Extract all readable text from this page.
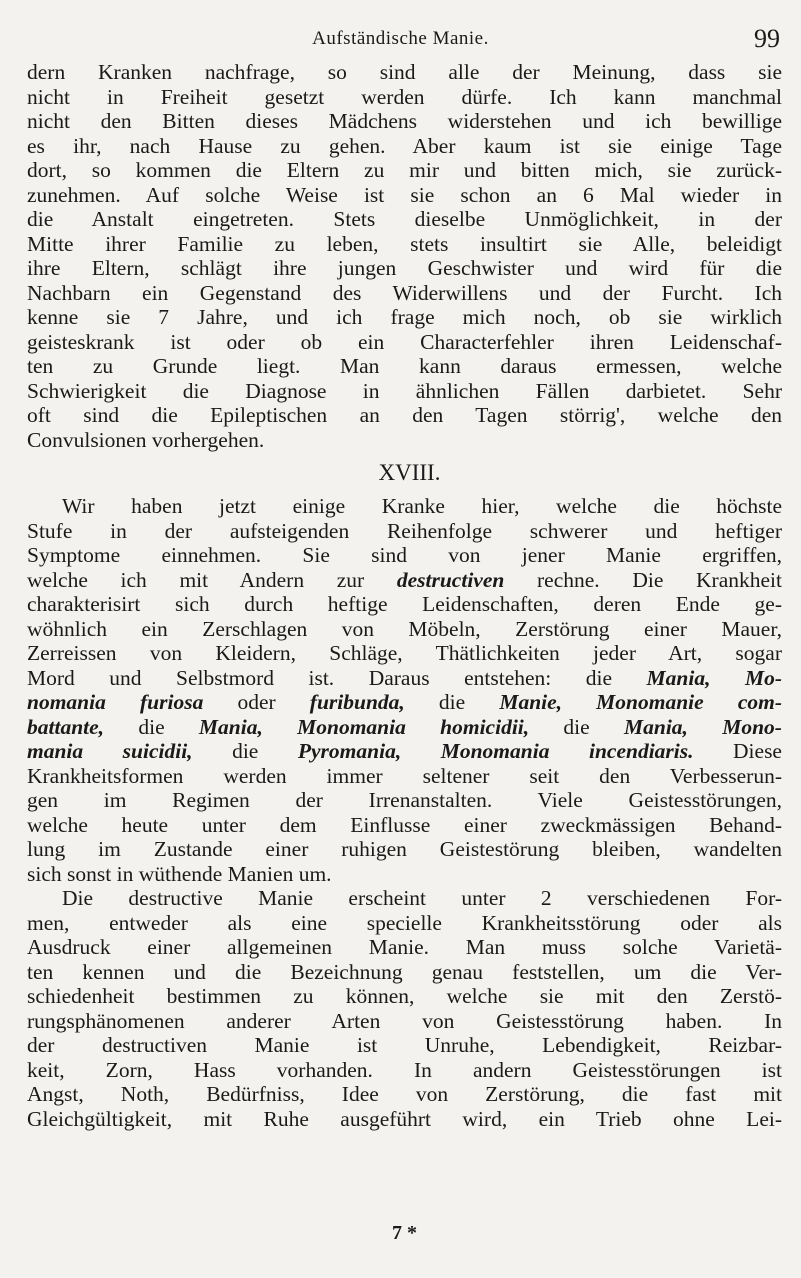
Aufständische Manie.	99
dern Kranken nachfrage, so sind alle der Meinung, dass sie
nicht in Freiheit gesetzt werden dürfe. Ich kann manchmal
nicht den Bitten dieses Mädchens widerstehen und ich bewillige
es ihr, nach Hause zu gehen. Aber kaum ist sie einige Tage
dort, so kommen die Eltern zu mir und bitten mich, sie zurück-
zunehmen. Auf solche Weise ist sie schon an 6 Mal wieder in
die Anstalt eingetreten. Stets dieselbe Unmöglichkeit, in der
Mitte ihrer Familie zu leben, stets insultirt sie Alle, beleidigt
ihre Eltern, schlägt ihre jungen Geschwister und wird für die
Nachbarn ein Gegenstand des Widerwillens und der Furcht. Ich
kenne sie 7 Jahre, und ich frage mich noch, ob sie wirklich
geisteskrank ist oder ob ein Characterfehler ihren Leidenschaf-
ten zu Grunde liegt. Man kann daraus ermessen, welche
Schwierigkeit die Diagnose in ähnlichen Fällen darbietet. Sehr
oft sind die Epileptischen an den Tagen störrig', welche den
Convulsionen vorhergehen.
XVIII.
Wir haben jetzt einige Kranke hier, welche die höchste
Stufe in der aufsteigenden Reihenfolge schwerer und heftiger
Symptome einnehmen. Sie sind von jener Manie ergriffen,
welche ich mit Andern zur destructiven rechne. Die Krankheit
charakterisirt sich durch heftige Leidenschaften, deren Ende ge-
wöhnlich ein Zerschlagen von Möbeln, Zerstörung einer Mauer,
Zerreissen von Kleidern, Schläge, Thätlichkeiten jeder Art, sogar
Mord und Selbstmord ist. Daraus entstehen: die Mania, Mo-
nomania furiosa oder furibunda, die Manie, Monomanie com-
battante, die Mania, Monomania homicidii, die Mania, Mono-
mania suicidii, die Pyromania, Monomania incendiaris. Diese
Krankheitsformen werden immer seltener seit den Verbesserun-
gen im Regimen der Irrenanstalten. Viele Geistesstörungen,
welche heute unter dem Einflusse einer zweckmässigen Behand-
lung im Zustande einer ruhigen Geistestörung bleiben, wandelten
sich sonst in wüthende Manien um.
Die destructive Manie erscheint unter 2 verschiedenen For-
men, entweder als eine specielle Krankheitsstörung oder als
Ausdruck einer allgemeinen Manie. Man muss solche Varietä-
ten kennen und die Bezeichnung genau feststellen, um die Ver-
schiedenheit bestimmen zu können, welche sie mit den Zerstö-
rungsphänomenen anderer Arten von Geistesstörung haben. In
der destructiven Manie ist Unruhe, Lebendigkeit, Reizbar-
keit, Zorn, Hass vorhanden. In andern Geistesstörungen ist
Angst, Noth, Bedürfniss, Idee von Zerstörung, die fast mit
Gleichgültigkeit, mit Ruhe ausgeführt wird, ein Trieb ohne Lei-
7 *
